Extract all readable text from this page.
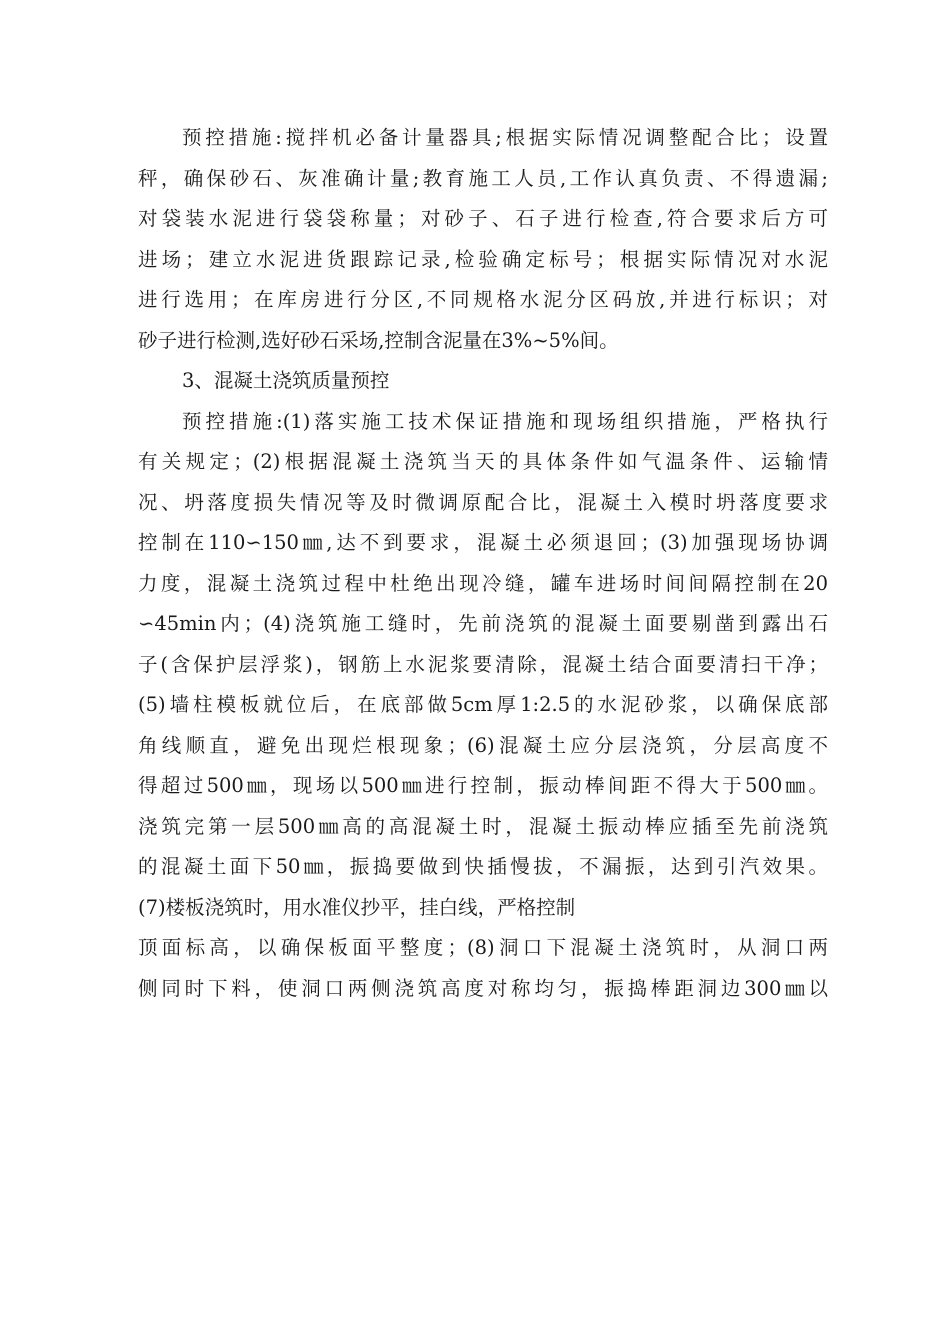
预控措施:搅拌机必备计量器具;根据实际情况调整配合比；设置
秤，确保砂石、灰准确计量;教育施工人员,工作认真负责、不得遗漏;
对袋装水泥进行袋袋称量；对砂子、石子进行检查,符合要求后方可
进场；建立水泥进货跟踪记录,检验确定标号；根据实际情况对水泥
进行选用；在库房进行分区,不同规格水泥分区码放,并进行标识；对
砂子进行检测,选好砂石采场,控制含泥量在3%~5%间。
3、混凝土浇筑质量预控
预控措施:(1)落实施工技术保证措施和现场组织措施，严格执行
有关规定；(2)根据混凝土浇筑当天的具体条件如气温条件、运输情
况、坍落度损失情况等及时微调原配合比，混凝土入模时坍落度要求
控制在110∽150㎜,达不到要求，混凝土必须退回；(3)加强现场协调
力度，混凝土浇筑过程中杜绝出现冷缝，罐车进场时间间隔控制在20
∽45min内；(4)浇筑施工缝时，先前浇筑的混凝土面要剔凿到露出石
子(含保护层浮浆)，钢筋上水泥浆要清除，混凝土结合面要清扫干净；
(5)墙柱模板就位后，在底部做5cm厚1:2.5的水泥砂浆，以确保底部
角线顺直，避免出现烂根现象；(6)混凝土应分层浇筑，分层高度不
得超过500㎜，现场以500㎜进行控制，振动棒间距不得大于500㎜。
浇筑完第一层500㎜高的高混凝土时，混凝土振动棒应插至先前浇筑
的混凝土面下50㎜，振捣要做到快插慢拔，不漏振，达到引汽效果。
(7)楼板浇筑时，用水准仪抄平，挂白线，严格控制
顶面标高，以确保板面平整度；(8)洞口下混凝土浇筑时，从洞口两
侧同时下料，使洞口两侧浇筑高度对称均匀，振捣棒距洞边300㎜以
